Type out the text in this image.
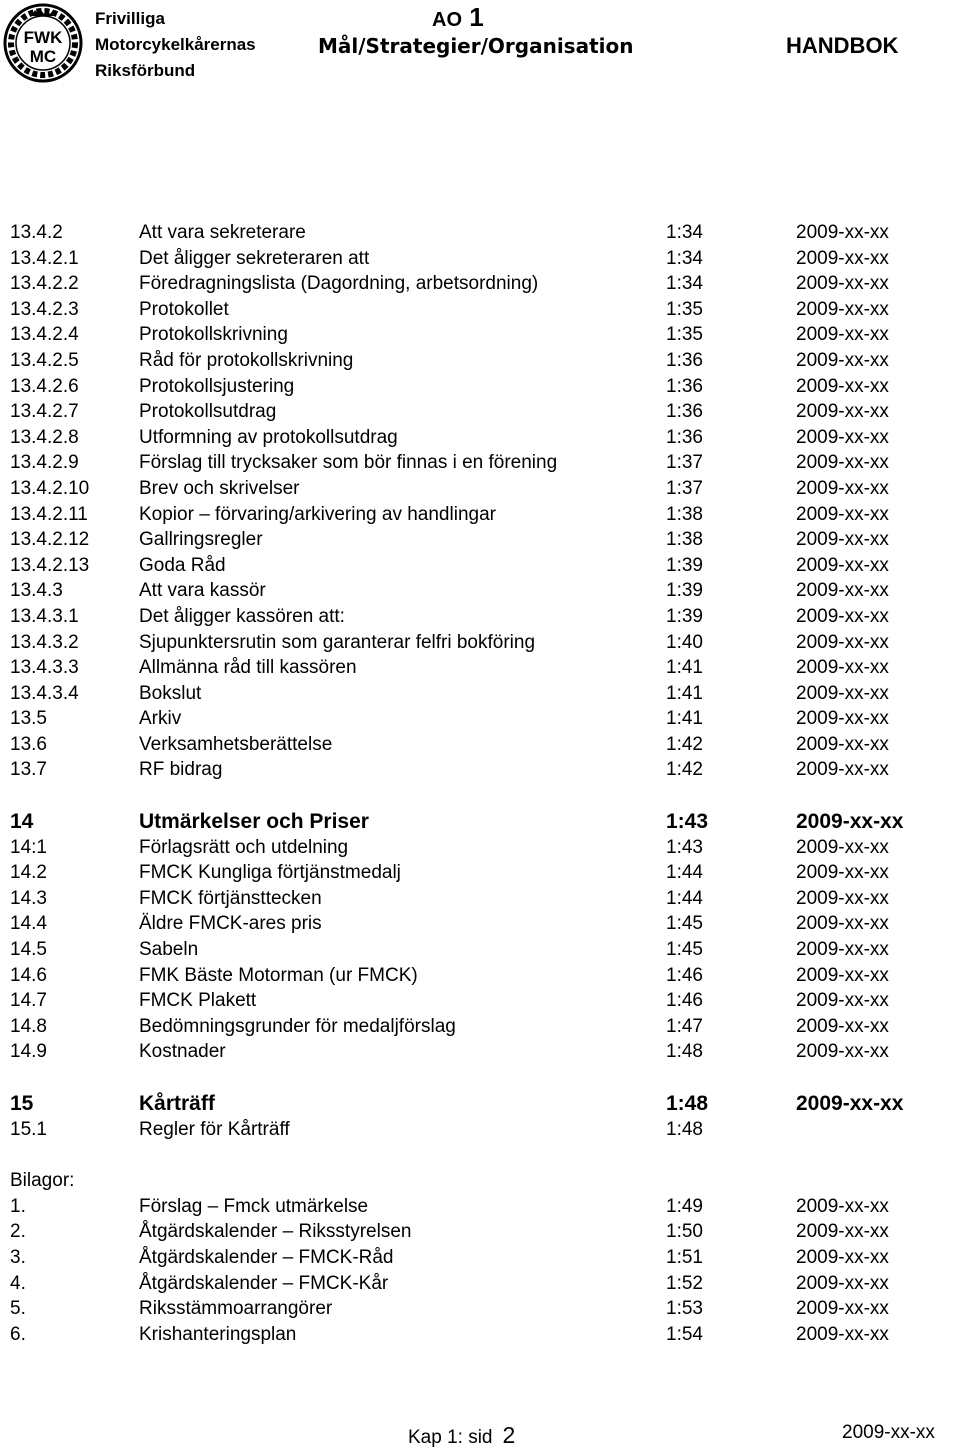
FWK
MC
Frivilliga
Motorcykelkårernas
Riksförbund
AO 1
Mål/Strategier/Organisation	HANDBOK
13.4.2	Att vara sekreterare	1:34	2009-xx-xx
13.4.2.1	Det åligger sekreteraren att	1:34	2009-xx-xx
13.4.2.2	Föredragningslista (Dagordning, arbetsordning)	1:34	2009-xx-xx
13.4.2.3	Protokollet	1:35	2009-xx-xx
13.4.2.4	Protokollskrivning	1:35	2009-xx-xx
13.4.2.5	Råd för protokollskrivning	1:36	2009-xx-xx
13.4.2.6	Protokollsjustering	1:36	2009-xx-xx
13.4.2.7	Protokollsutdrag	1:36	2009-xx-xx
13.4.2.8	Utformning av protokollsutdrag	1:36	2009-xx-xx
13.4.2.9	Förslag till trycksaker som bör finnas i en förening	1:37	2009-xx-xx
13.4.2.10	Brev och skrivelser	1:37	2009-xx-xx
13.4.2.11	Kopior – förvaring/arkivering av handlingar	1:38	2009-xx-xx
13.4.2.12	Gallringsregler	1:38	2009-xx-xx
13.4.2.13	Goda Råd	1:39	2009-xx-xx
13.4.3	Att vara kassör	1:39	2009-xx-xx
13.4.3.1	Det åligger kassören att:	1:39	2009-xx-xx
13.4.3.2	Sjupunktersrutin som garanterar felfri bokföring	1:40	2009-xx-xx
13.4.3.3	Allmänna råd till kassören	1:41	2009-xx-xx
13.4.3.4	Bokslut	1:41	2009-xx-xx
13.5	Arkiv	1:41	2009-xx-xx
13.6	Verksamhetsberättelse	1:42	2009-xx-xx
13.7	RF bidrag	1:42	2009-xx-xx
14	Utmärkelser och Priser	1:43	2009-xx-xx
14:1	Förlagsrätt och utdelning	1:43	2009-xx-xx
14.2	FMCK Kungliga förtjänstmedalj	1:44	2009-xx-xx
14.3	FMCK förtjänsttecken	1:44	2009-xx-xx
14.4	Äldre FMCK-ares pris	1:45	2009-xx-xx
14.5	Sabeln	1:45	2009-xx-xx
14.6	FMK Bäste Motorman (ur FMCK)	1:46	2009-xx-xx
14.7	FMCK Plakett	1:46	2009-xx-xx
14.8	Bedömningsgrunder för medaljförslag	1:47	2009-xx-xx
14.9	Kostnader	1:48	2009-xx-xx
15	Kårträff	1:48	2009-xx-xx
15.1	Regler för Kårträff	1:48
Bilagor:
1.	Förslag – Fmck utmärkelse	1:49	2009-xx-xx
2.	Åtgärdskalender – Riksstyrelsen	1:50	2009-xx-xx
3.	Åtgärdskalender – FMCK-Råd	1:51	2009-xx-xx
4.	Åtgärdskalender – FMCK-Kår	1:52	2009-xx-xx
5.	Riksstämmoarrangörer	1:53	2009-xx-xx
6.	Krishanteringsplan	1:54	2009-xx-xx
Kap 1: sid 2	2009-xx-xx
